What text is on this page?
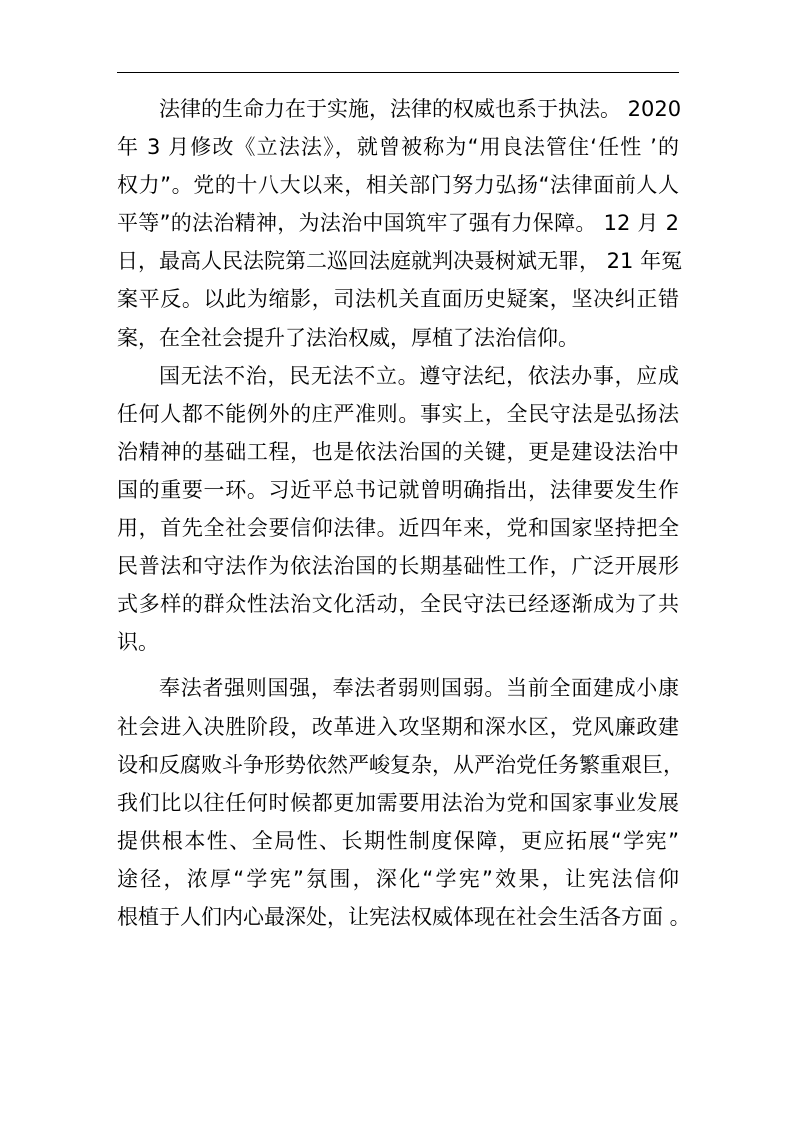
法律的生命力在于实施，法律的权威也系于执法。 2020
年 3 月修改《立法法》，就曾被称为“用良法管住‘任性 ’的
权力”。党的十八大以来，相关部门努力弘扬“法律面前人人
平等”的法治精神，为法治中国筑牢了强有力保障。 12 月 2
日，最高人民法院第二巡回法庭就判决聂树斌无罪， 21 年冤
案平反。以此为缩影，司法机关直面历史疑案，坚决纠正错
案，在全社会提升了法治权威，厚植了法治信仰。
国无法不治，民无法不立。遵守法纪，依法办事，应成
任何人都不能例外的庄严准则。事实上，全民守法是弘扬法
治精神的基础工程，也是依法治国的关键，更是建设法治中
国的重要一环。习近平总书记就曾明确指出，法律要发生作
用，首先全社会要信仰法律。近四年来，党和国家坚持把全
民普法和守法作为依法治国的长期基础性工作，广泛开展形
式多样的群众性法治文化活动，全民守法已经逐渐成为了共
识。
奉法者强则国强，奉法者弱则国弱。当前全面建成小康
社会进入决胜阶段，改革进入攻坚期和深水区，党风廉政建
设和反腐败斗争形势依然严峻复杂，从严治党任务繁重艰巨，
我们比以往任何时候都更加需要用法治为党和国家事业发展
提供根本性、全局性、长期性制度保障，更应拓展“学宪”
途径，浓厚“学宪”氛围，深化“学宪”效果，让宪法信仰
根植于人们内心最深处，让宪法权威体现在社会生活各方面 。
